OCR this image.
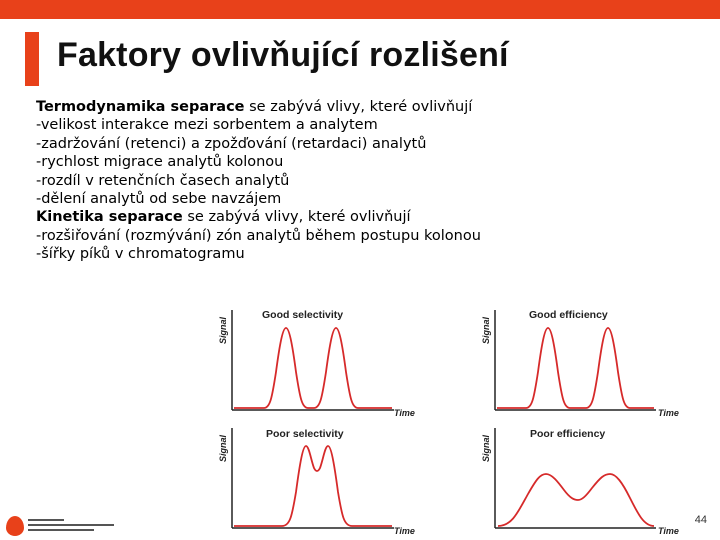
Faktory ovlivňující rozlišení
Termodynamika separace se zabývá vlivy, které ovlivňují
-velikost interakce mezi sorbentem a analytem
-zadržování (retenci) a zpožďování (retardaci) analytů
-rychlost migrace analytů kolonou
-rozdíl v retenčních časech analytů
-dělení analytů od sebe navzájem
Kinetika separace se zabývá vlivy, které ovlivňují
-rozšiřování (rozmývání) zón analytů během postupu kolonou
-šířky píků v chromatogramu
Good selectivity
Signal
Time
Good efficiency
Signal
Time
Poor selectivity
Signal
Time
Poor efficiency
Signal
Time
44
